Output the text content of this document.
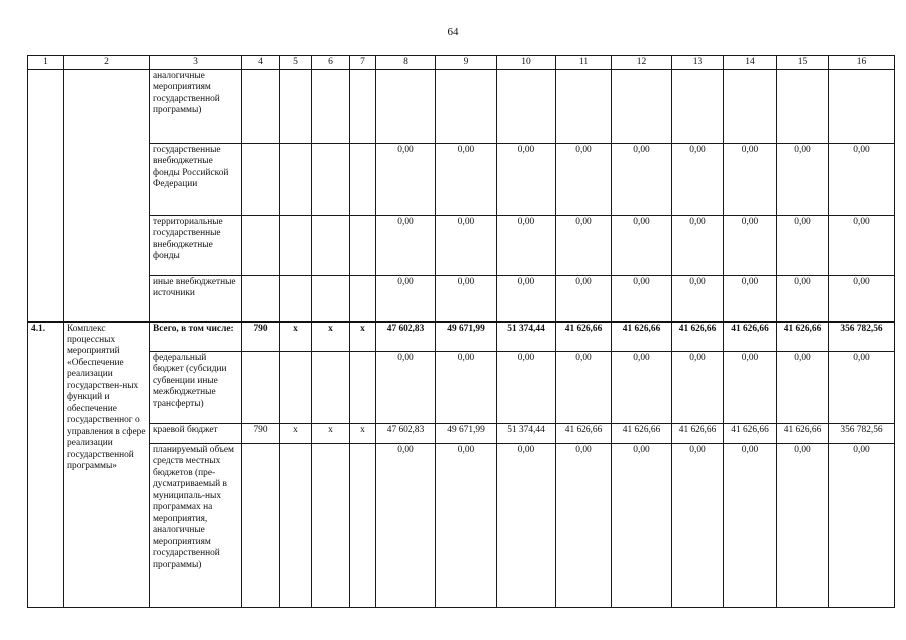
64
1	2	3	4	5	6	7	8	9	10	11	12	13	14	15	16
		аналогичные мероприятиям государственной программы)													
		государственные внебюджетные фонды Российской Федерации					0,00	0,00	0,00	0,00	0,00	0,00	0,00	0,00	0,00
		территориальные государственные внебюджетные фонды					0,00	0,00	0,00	0,00	0,00	0,00	0,00	0,00	0,00
		иные внебюджетные источники					0,00	0,00	0,00	0,00	0,00	0,00	0,00	0,00	0,00
4.1.	Комплекс процессных мероприятий «Обеспечение реализации государствен-ных функций и обеспечение государственног о управления в сфере реализации государственной программы»	Всего, в том числе:	790	x	x	x	47 602,83	49 671,99	51 374,44	41 626,66	41 626,66	41 626,66	41 626,66	41 626,66	356 782,56
		федеральный бюджет (субсидии субвенции иные межбюджетные трансферты)					0,00	0,00	0,00	0,00	0,00	0,00	0,00	0,00	0,00
		краевой бюджет	790	x	x	x	47 602,83	49 671,99	51 374,44	41 626,66	41 626,66	41 626,66	41 626,66	41 626,66	356 782,56
		планируемый объем средств местных бюджетов (пре-дусматриваемый в муниципаль-ных программах на мероприятия, аналогичные мероприятиям государственной программы)					0,00	0,00	0,00	0,00	0,00	0,00	0,00	0,00	0,00
